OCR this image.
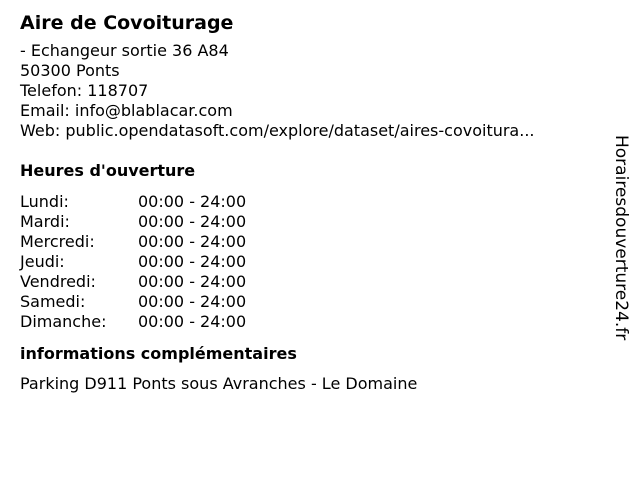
Aire de Covoiturage
- Echangeur sortie 36 A84
50300 Ponts
Telefon: 118707
Email: info@blablacar.com
Web: public.opendatasoft.com/explore/dataset/aires-covoitura...
Heures d'ouverture
Lundi:	00:00 - 24:00
Mardi:	00:00 - 24:00
Mercredi:	00:00 - 24:00
Jeudi:	00:00 - 24:00
Vendredi:	00:00 - 24:00
Samedi:	00:00 - 24:00
Dimanche:	00:00 - 24:00
informations complémentaires
Parking D911 Ponts sous Avranches - Le Domaine
Horairesdouverture24.fr
